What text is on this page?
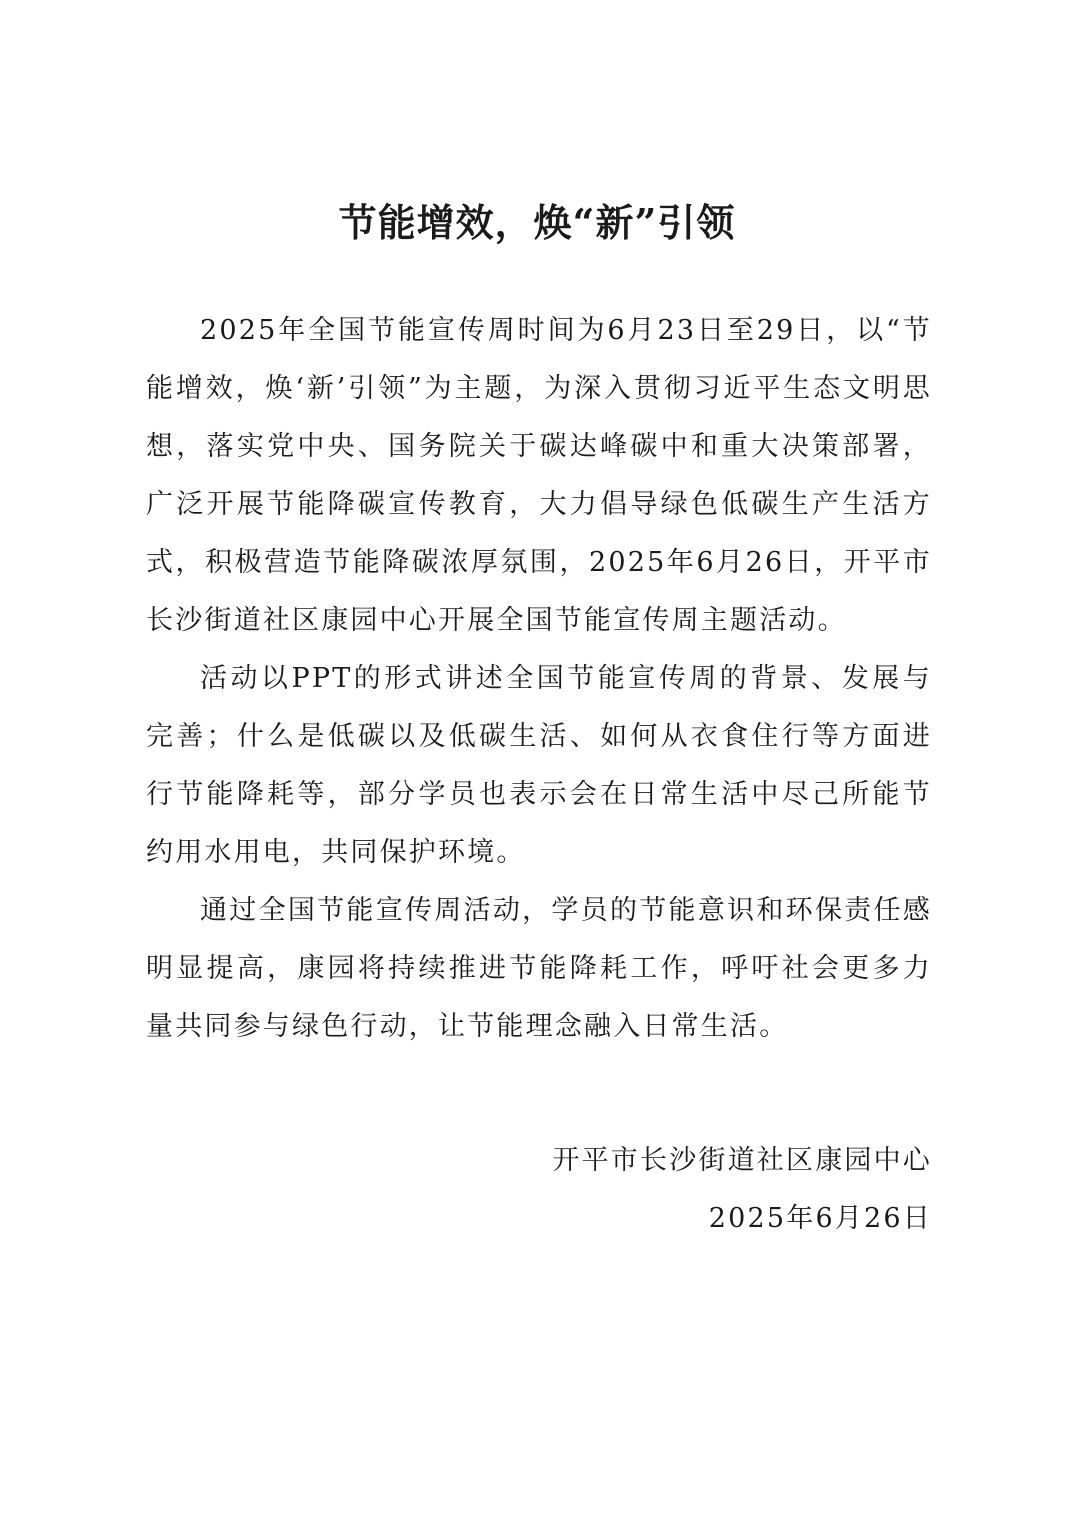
节能增效，焕“新”引领

2025年全国节能宣传周时间为6月23日至29日，以“节能增效，焕‘新’引领”为主题，为深入贯彻习近平生态文明思想，落实党中央、国务院关于碳达峰碳中和重大决策部署，广泛开展节能降碳宣传教育，大力倡导绿色低碳生产生活方式，积极营造节能降碳浓厚氛围，2025年6月26日，开平市长沙街道社区康园中心开展全国节能宣传周主题活动。

活动以PPT的形式讲述全国节能宣传周的背景、发展与完善；什么是低碳以及低碳生活、如何从衣食住行等方面进行节能降耗等，部分学员也表示会在日常生活中尽己所能节约用水用电，共同保护环境。

通过全国节能宣传周活动，学员的节能意识和环保责任感明显提高，康园将持续推进节能降耗工作，呼吁社会更多力量共同参与绿色行动，让节能理念融入日常生活。

开平市长沙街道社区康园中心
2025年6月26日
